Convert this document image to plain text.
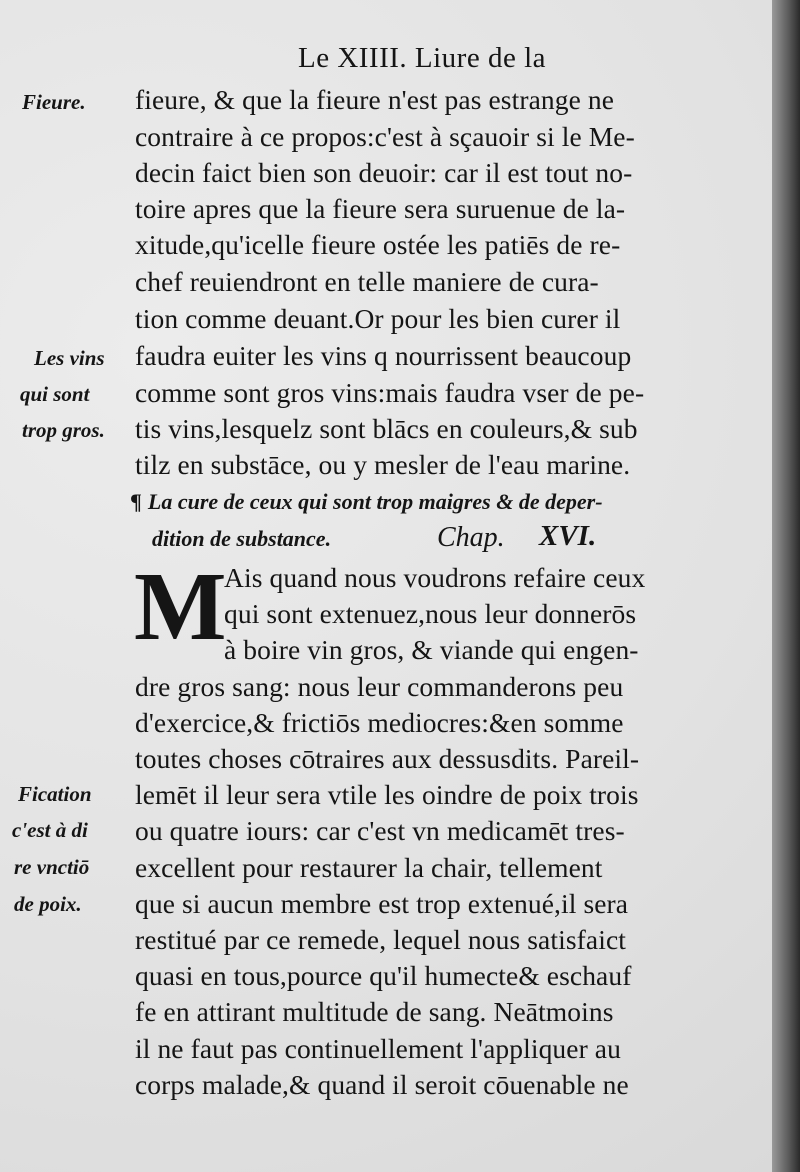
Le XIIII. Liure de la
Fieure.
Les vins
qui sont
trop gros.
Fication
c'est à di
re vnctiō
de poix.
fieure, & que la fieure n'est pas estrange ne
contraire à ce propos:c'est à sçauoir si le Me-
decin faict bien son deuoir: car il est tout no-
toire apres que la fieure sera suruenue de la-
xitude,qu'icelle fieure ostée les patiēs de re-
chef reuiendront en telle maniere de cura-
tion comme deuant.Or pour les bien curer il
faudra euiter les vins q nourrissent beaucoup
comme sont gros vins:mais faudra vser de pe-
tis vins,lesquelz sont blācs en couleurs,& sub
tilz en substāce, ou y mesler de l'eau marine.
¶ La cure de ceux qui sont trop maigres & de deper-
dition de substance.	Chap. XVI.
M
Ais quand nous voudrons refaire ceux
qui sont extenuez,nous leur donnerōs
à boire vin gros, & viande qui engen-
dre gros sang: nous leur commanderons peu
d'exercice,& frictiōs mediocres:&en somme
toutes choses cōtraires aux dessusdits. Pareil-
lemēt il leur sera vtile les oindre de poix trois
ou quatre iours: car c'est vn medicamēt tres-
excellent pour restaurer la chair, tellement
que si aucun membre est trop extenué,il sera
restitué par ce remede, lequel nous satisfaict
quasi en tous,pource qu'il humecte& eschauf
fe en attirant multitude de sang. Neātmoins
il ne faut pas continuellement l'appliquer au
corps malade,& quand il seroit cōuenable ne
